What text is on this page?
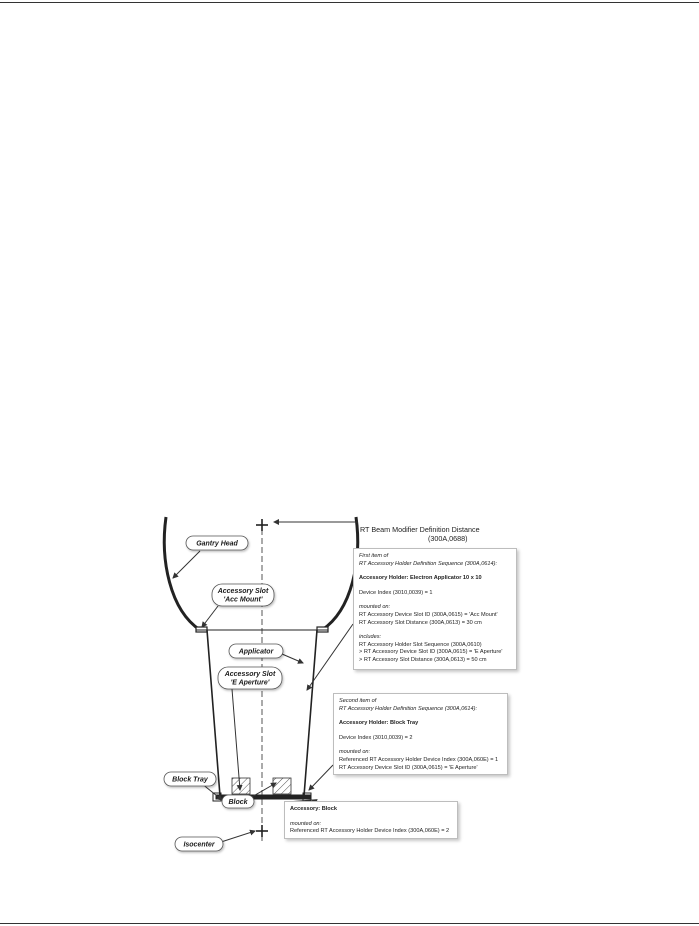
Gantry Head
Accessory Slot
'Acc Mount'
Applicator
Accessory Slot
'E Aperture'
Block Tray
Block
Isocenter
RT Beam Modifier Definition Distance
(300A,0688)
First item of
RT Accessory Holder Definition Sequence (300A,0614):
Accessory Holder: Electron Applicator 10 x 10
Device Index (3010,0039) = 1
mounted on:
RT Accessory Device Slot ID (300A,0615) = 'Acc Mount'
RT Accessory Slot Distance (300A,0613) = 30 cm
includes:
RT Accessory Holder Slot Sequence (300A,0610)
> RT Accessory Device Slot ID (300A,0615) = 'E Aperture'
> RT Accessory Slot Distance (300A,0613) = 50 cm
Second item of
RT Accessory Holder Definition Sequence (300A,0614):
Accessory Holder: Block Tray
Device Index (3010,0039) = 2
mounted on:
Referenced RT Accessory Holder Device Index (300A,060E) = 1
RT Accessory Device Slot ID (300A,0615) = 'E Aperture'
Accessory: Block
mounted on:
Referenced RT Accessory Holder Device Index (300A,060E) = 2
